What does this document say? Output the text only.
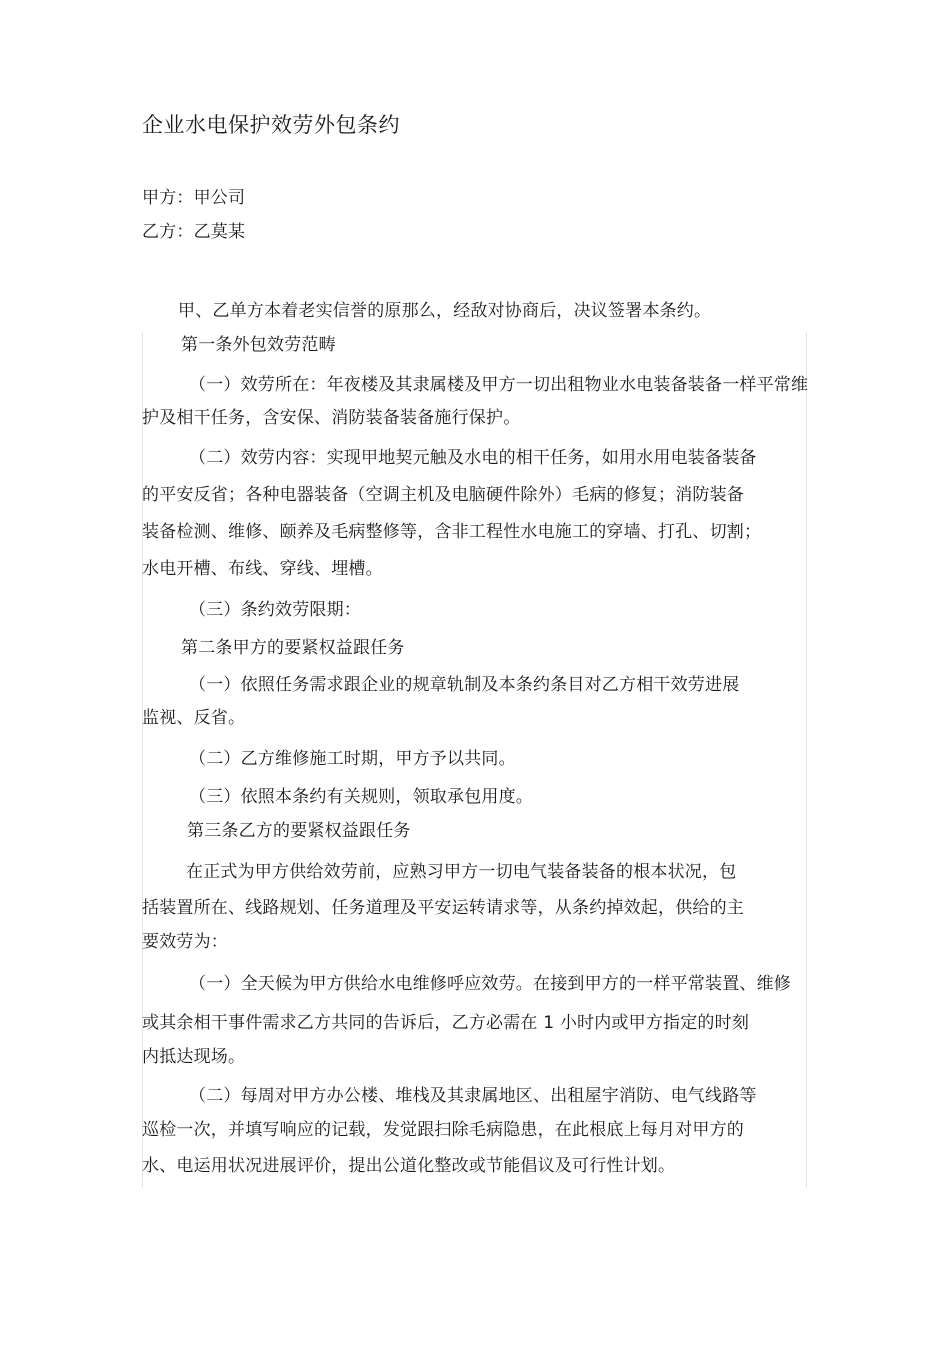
企业水电保护效劳外包条约
甲方：甲公司
乙方：乙莫某
甲、乙单方本着老实信誉的原那么，经敌对协商后，决议签署本条约。
第一条外包效劳范畴
（一）效劳所在：年夜楼及其隶属楼及甲方一切出租物业水电装备装备一样平常维
护及相干任务，含安保、消防装备装备施行保护。
（二）效劳内容：实现甲地契元触及水电的相干任务，如用水用电装备装备
的平安反省；各种电器装备（空调主机及电脑硬件除外）毛病的修复；消防装备
装备检测、维修、颐养及毛病整修等，含非工程性水电施工的穿墙、打孔、切割；
水电开槽、布线、穿线、埋槽。
（三）条约效劳限期：
第二条甲方的要紧权益跟任务
（一）依照任务需求跟企业的规章轨制及本条约条目对乙方相干效劳进展
监视、反省。
（二）乙方维修施工时期，甲方予以共同。
（三）依照本条约有关规则，领取承包用度。
第三条乙方的要紧权益跟任务
在正式为甲方供给效劳前，应熟习甲方一切电气装备装备的根本状况，包
括装置所在、线路规划、任务道理及平安运转请求等，从条约掉效起，供给的主
要效劳为：
（一）全天候为甲方供给水电维修呼应效劳。在接到甲方的一样平常装置、维修
或其余相干事件需求乙方共同的告诉后，乙方必需在 1 小时内或甲方指定的时刻
内抵达现场。
（二）每周对甲方办公楼、堆栈及其隶属地区、出租屋宇消防、电气线路等
巡检一次，并填写响应的记载，发觉跟扫除毛病隐患，在此根底上每月对甲方的
水、电运用状况进展评价，提出公道化整改或节能倡议及可行性计划。
